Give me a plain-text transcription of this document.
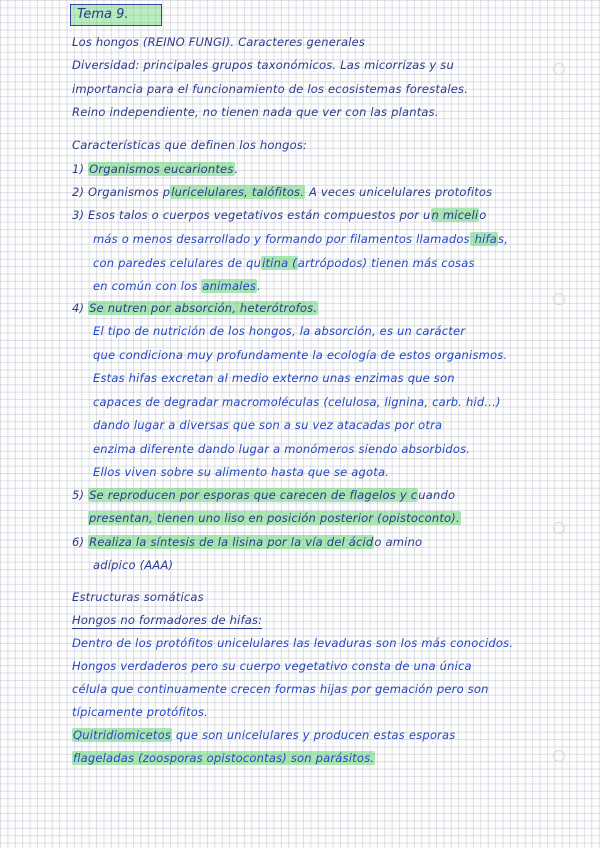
Tema 9.
Los hongos (REINO FUNGI). Caracteres generales
Diversidad: principales grupos taxonómicos. Las micorrizas y su
importancia para el funcionamiento de los ecosistemas forestales.
Reino independiente, no tienen nada que ver con las plantas.
Características que definen los hongos:
1) Organismos eucariontes.
2) Organismos pluricelulares, talófitos. A veces unicelulares protofitos
3) Esos talos o cuerpos vegetativos están compuestos por un micelio
más o menos desarrollado y formando por filamentos llamados hifas,
con paredes celulares de quitina (artrópodos) tienen más cosas
en común con los animales.
4) Se nutren por absorción, heterótrofos.
El tipo de nutrición de los hongos, la absorción, es un carácter
que condiciona muy profundamente la ecología de estos organismos.
Estas hifas excretan al medio externo unas enzimas que son
capaces de degradar macromoléculas (celulosa, lignina, carb. hid...)
dando lugar a diversas que son a su vez atacadas por otra
enzima diferente dando lugar a monómeros siendo absorbidos.
Ellos viven sobre su alimento hasta que se agota.
5) Se reproducen por esporas que carecen de flagelos y cuando
presentan, tienen uno liso en posición posterior (opistoconto).
6) Realiza la síntesis de la lisina por la vía del ácido amino
adípico (AAA)
Estructuras somáticas
Hongos no formadores de hifas:
Dentro de los protófitos unicelulares las levaduras son los más conocidos.
Hongos verdaderos pero su cuerpo vegetativo consta de una única
célula que continuamente crecen formas hijas por gemación pero son
típicamente protófitos.
Quitridiomicetos que son unicelulares y producen estas esporas
flageladas (zoosporas opistocontas) son parásitos.
